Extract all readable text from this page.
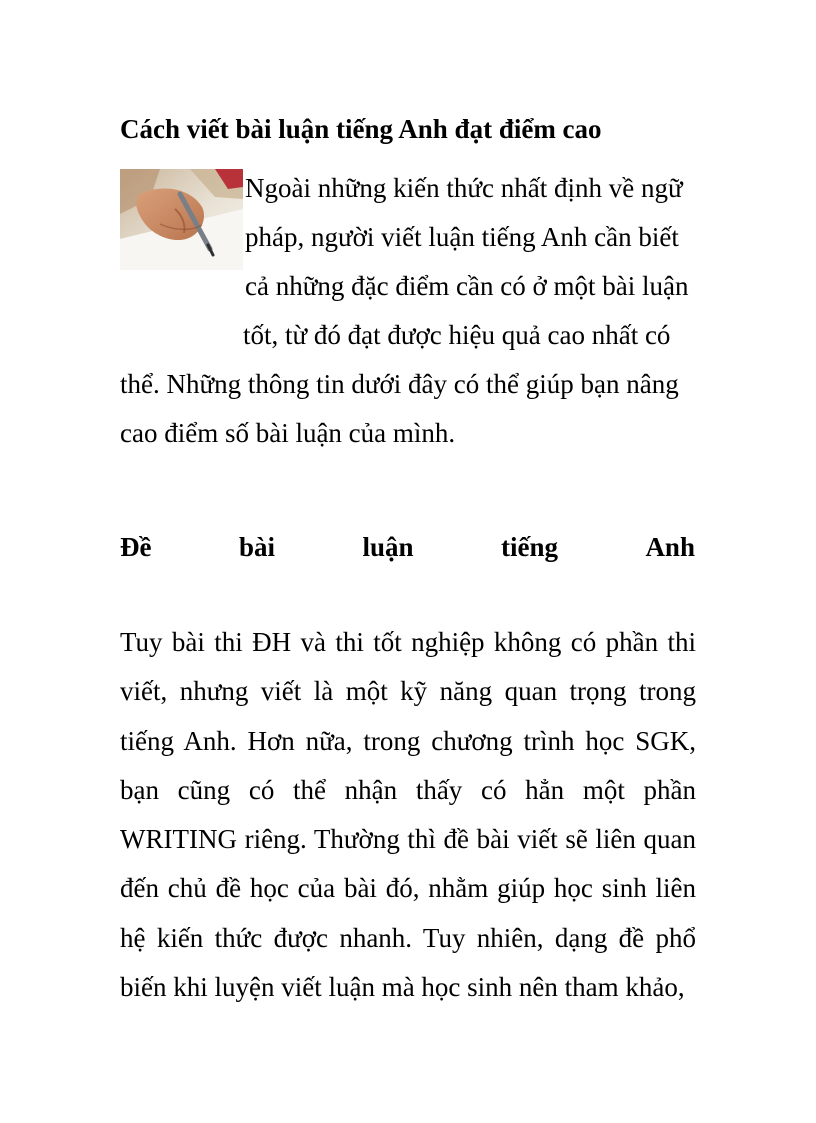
Cách viết bài luận tiếng Anh đạt điểm cao

Ngoài những kiến thức nhất định về ngữ pháp, người viết luận tiếng Anh cần biết cả những đặc điểm cần có ở một bài luận tốt, từ đó đạt được hiệu quả cao nhất có thể. Những thông tin dưới đây có thể giúp bạn nâng cao điểm số bài luận của mình.

Đề	bài	luận	tiếng	Anh

Tuy bài thi ĐH và thi tốt nghiệp không có phần thi viết, nhưng viết là một kỹ năng quan trọng trong tiếng Anh. Hơn nữa, trong chương trình học SGK, bạn cũng có thể nhận thấy có hẳn một phần WRITING riêng. Thường thì đề bài viết sẽ liên quan đến chủ đề học của bài đó, nhằm giúp học sinh liên hệ kiến thức được nhanh. Tuy nhiên, dạng đề phổ biến khi luyện viết luận mà học sinh nên tham khảo,
